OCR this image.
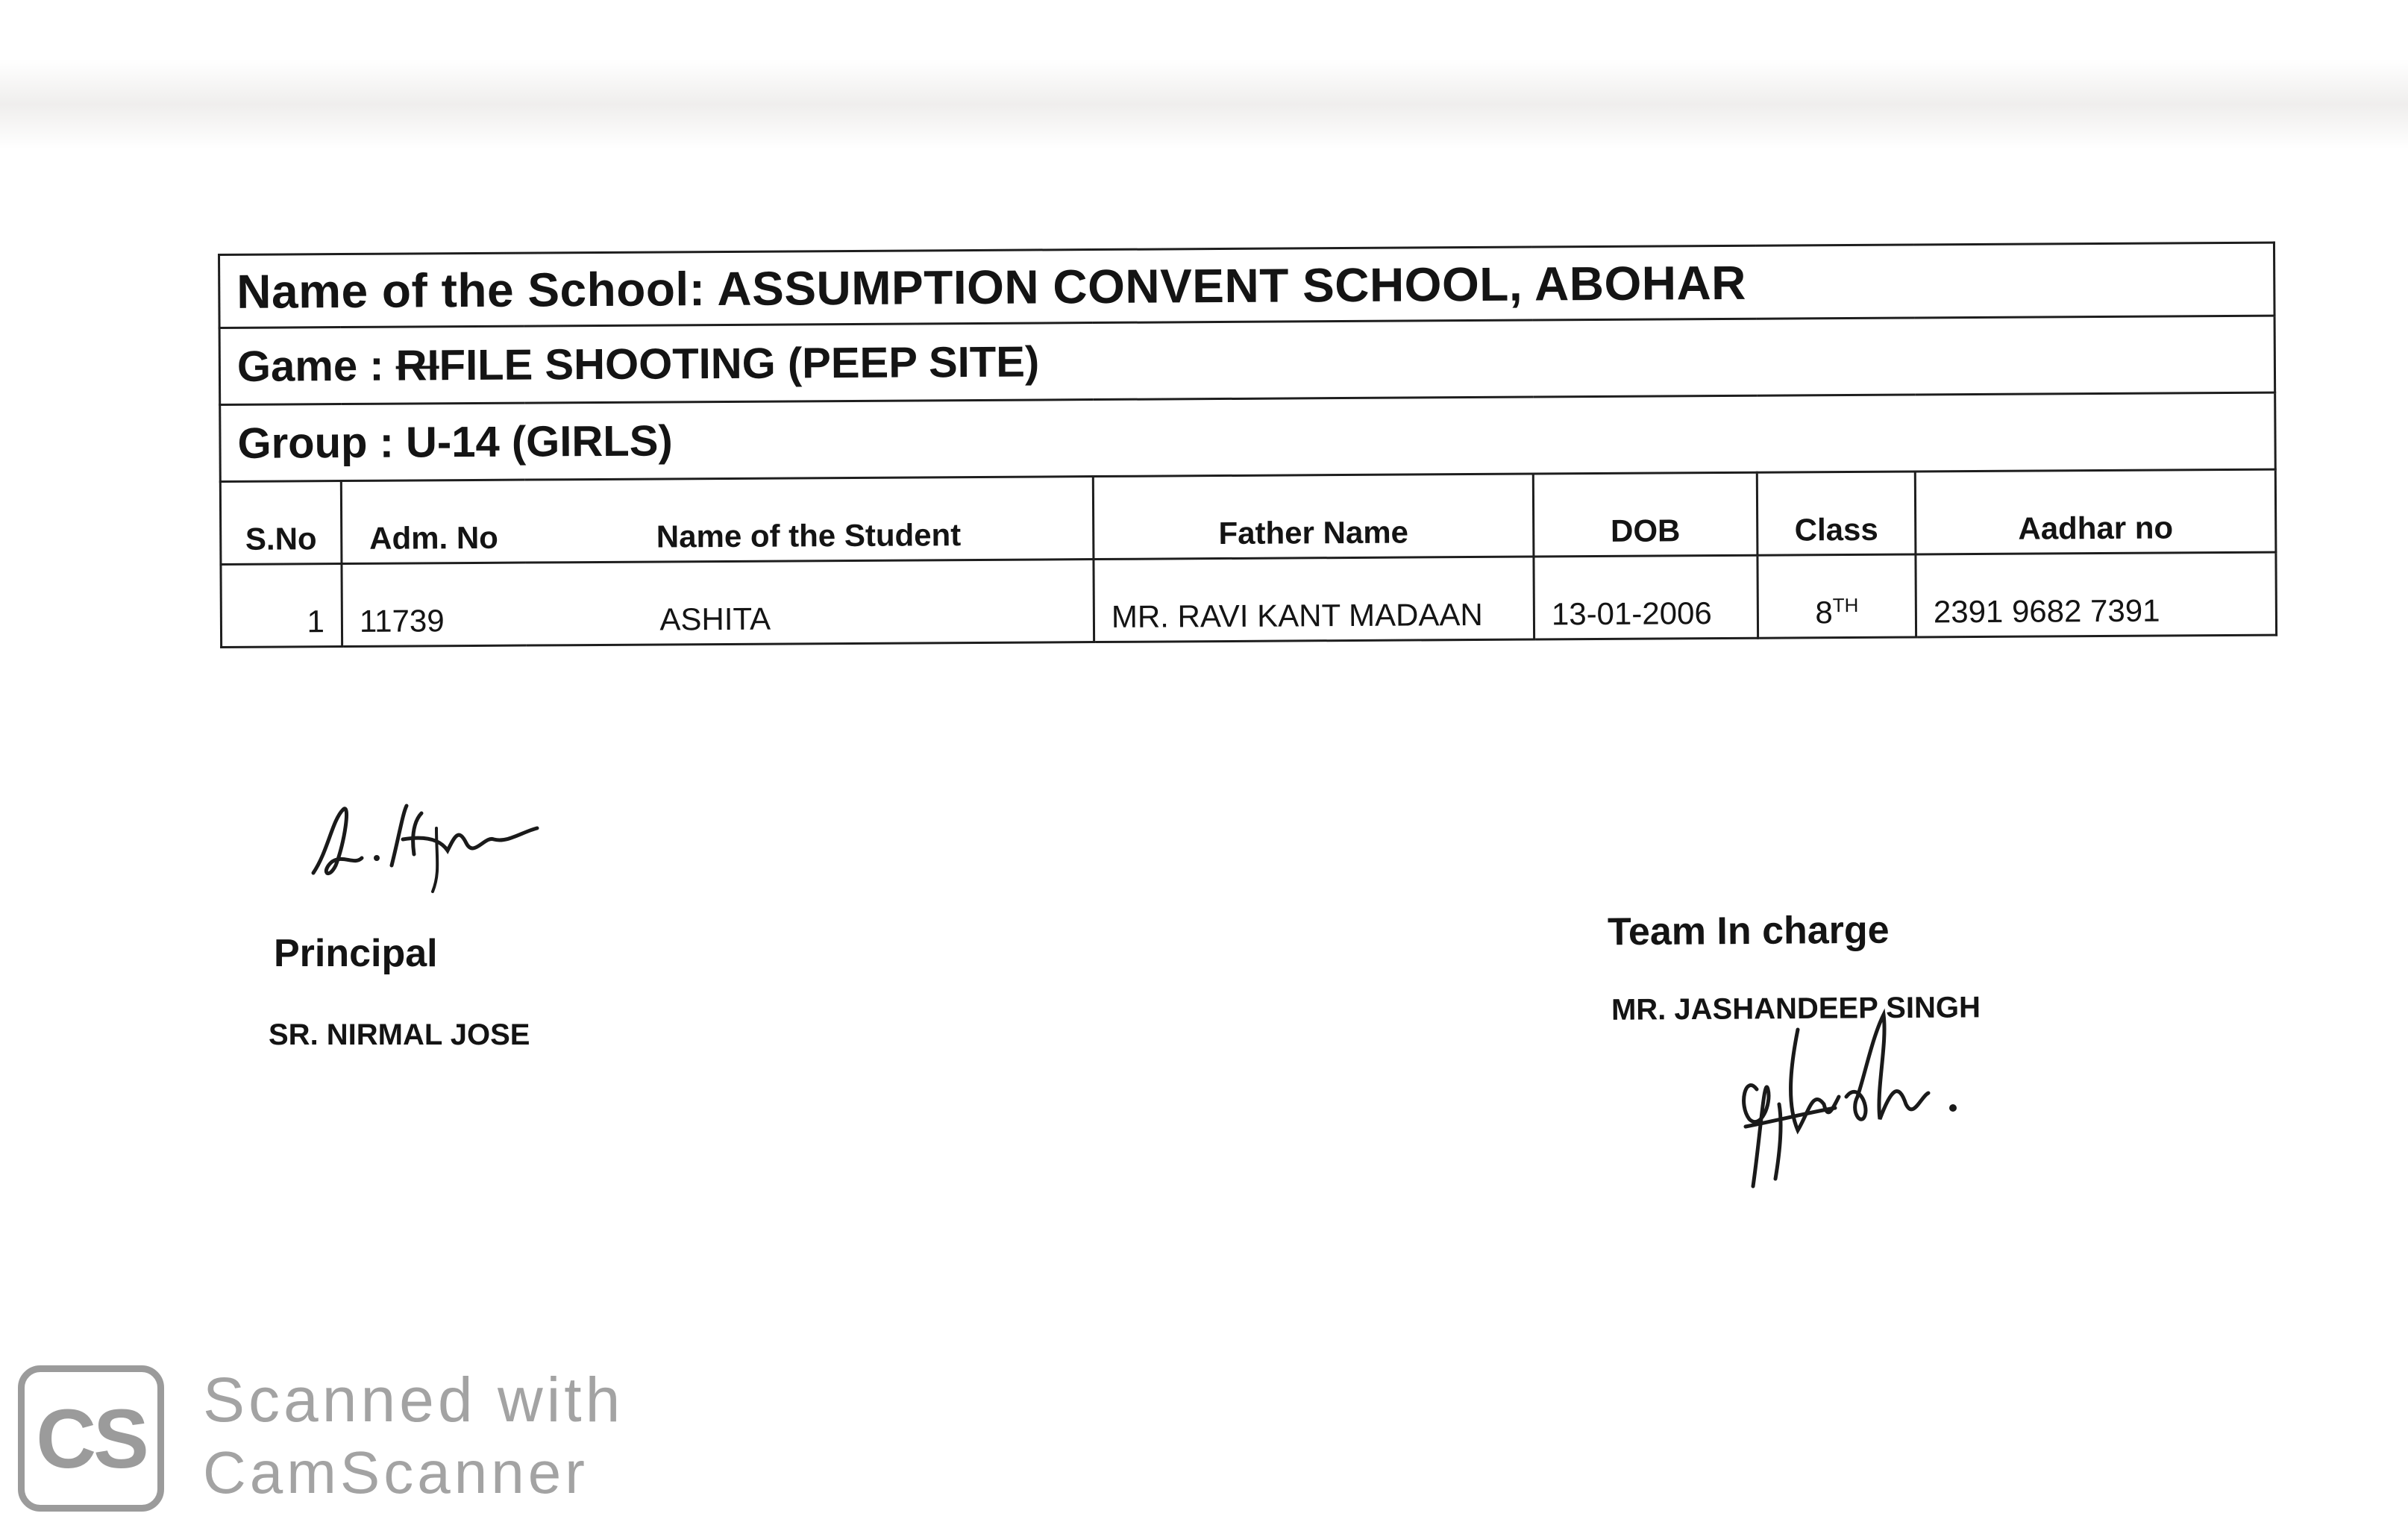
Name of the School: ASSUMPTION CONVENT SCHOOL, ABOHAR						
Game : RIFILE SHOOTING (PEEP SITE)						
Group : U-14 (GIRLS)						
S.No	Adm. No	Name of the Student	Father Name	DOB	Class	Aadhar no
1	11739	ASHITA	MR. RAVI KANT MADAAN	13-01-2006	8TH	2391 9682 7391
Principal
SR. NIRMAL JOSE
Team In charge
MR. JASHANDEEP SINGH
CS Scanned with
CamScanner
